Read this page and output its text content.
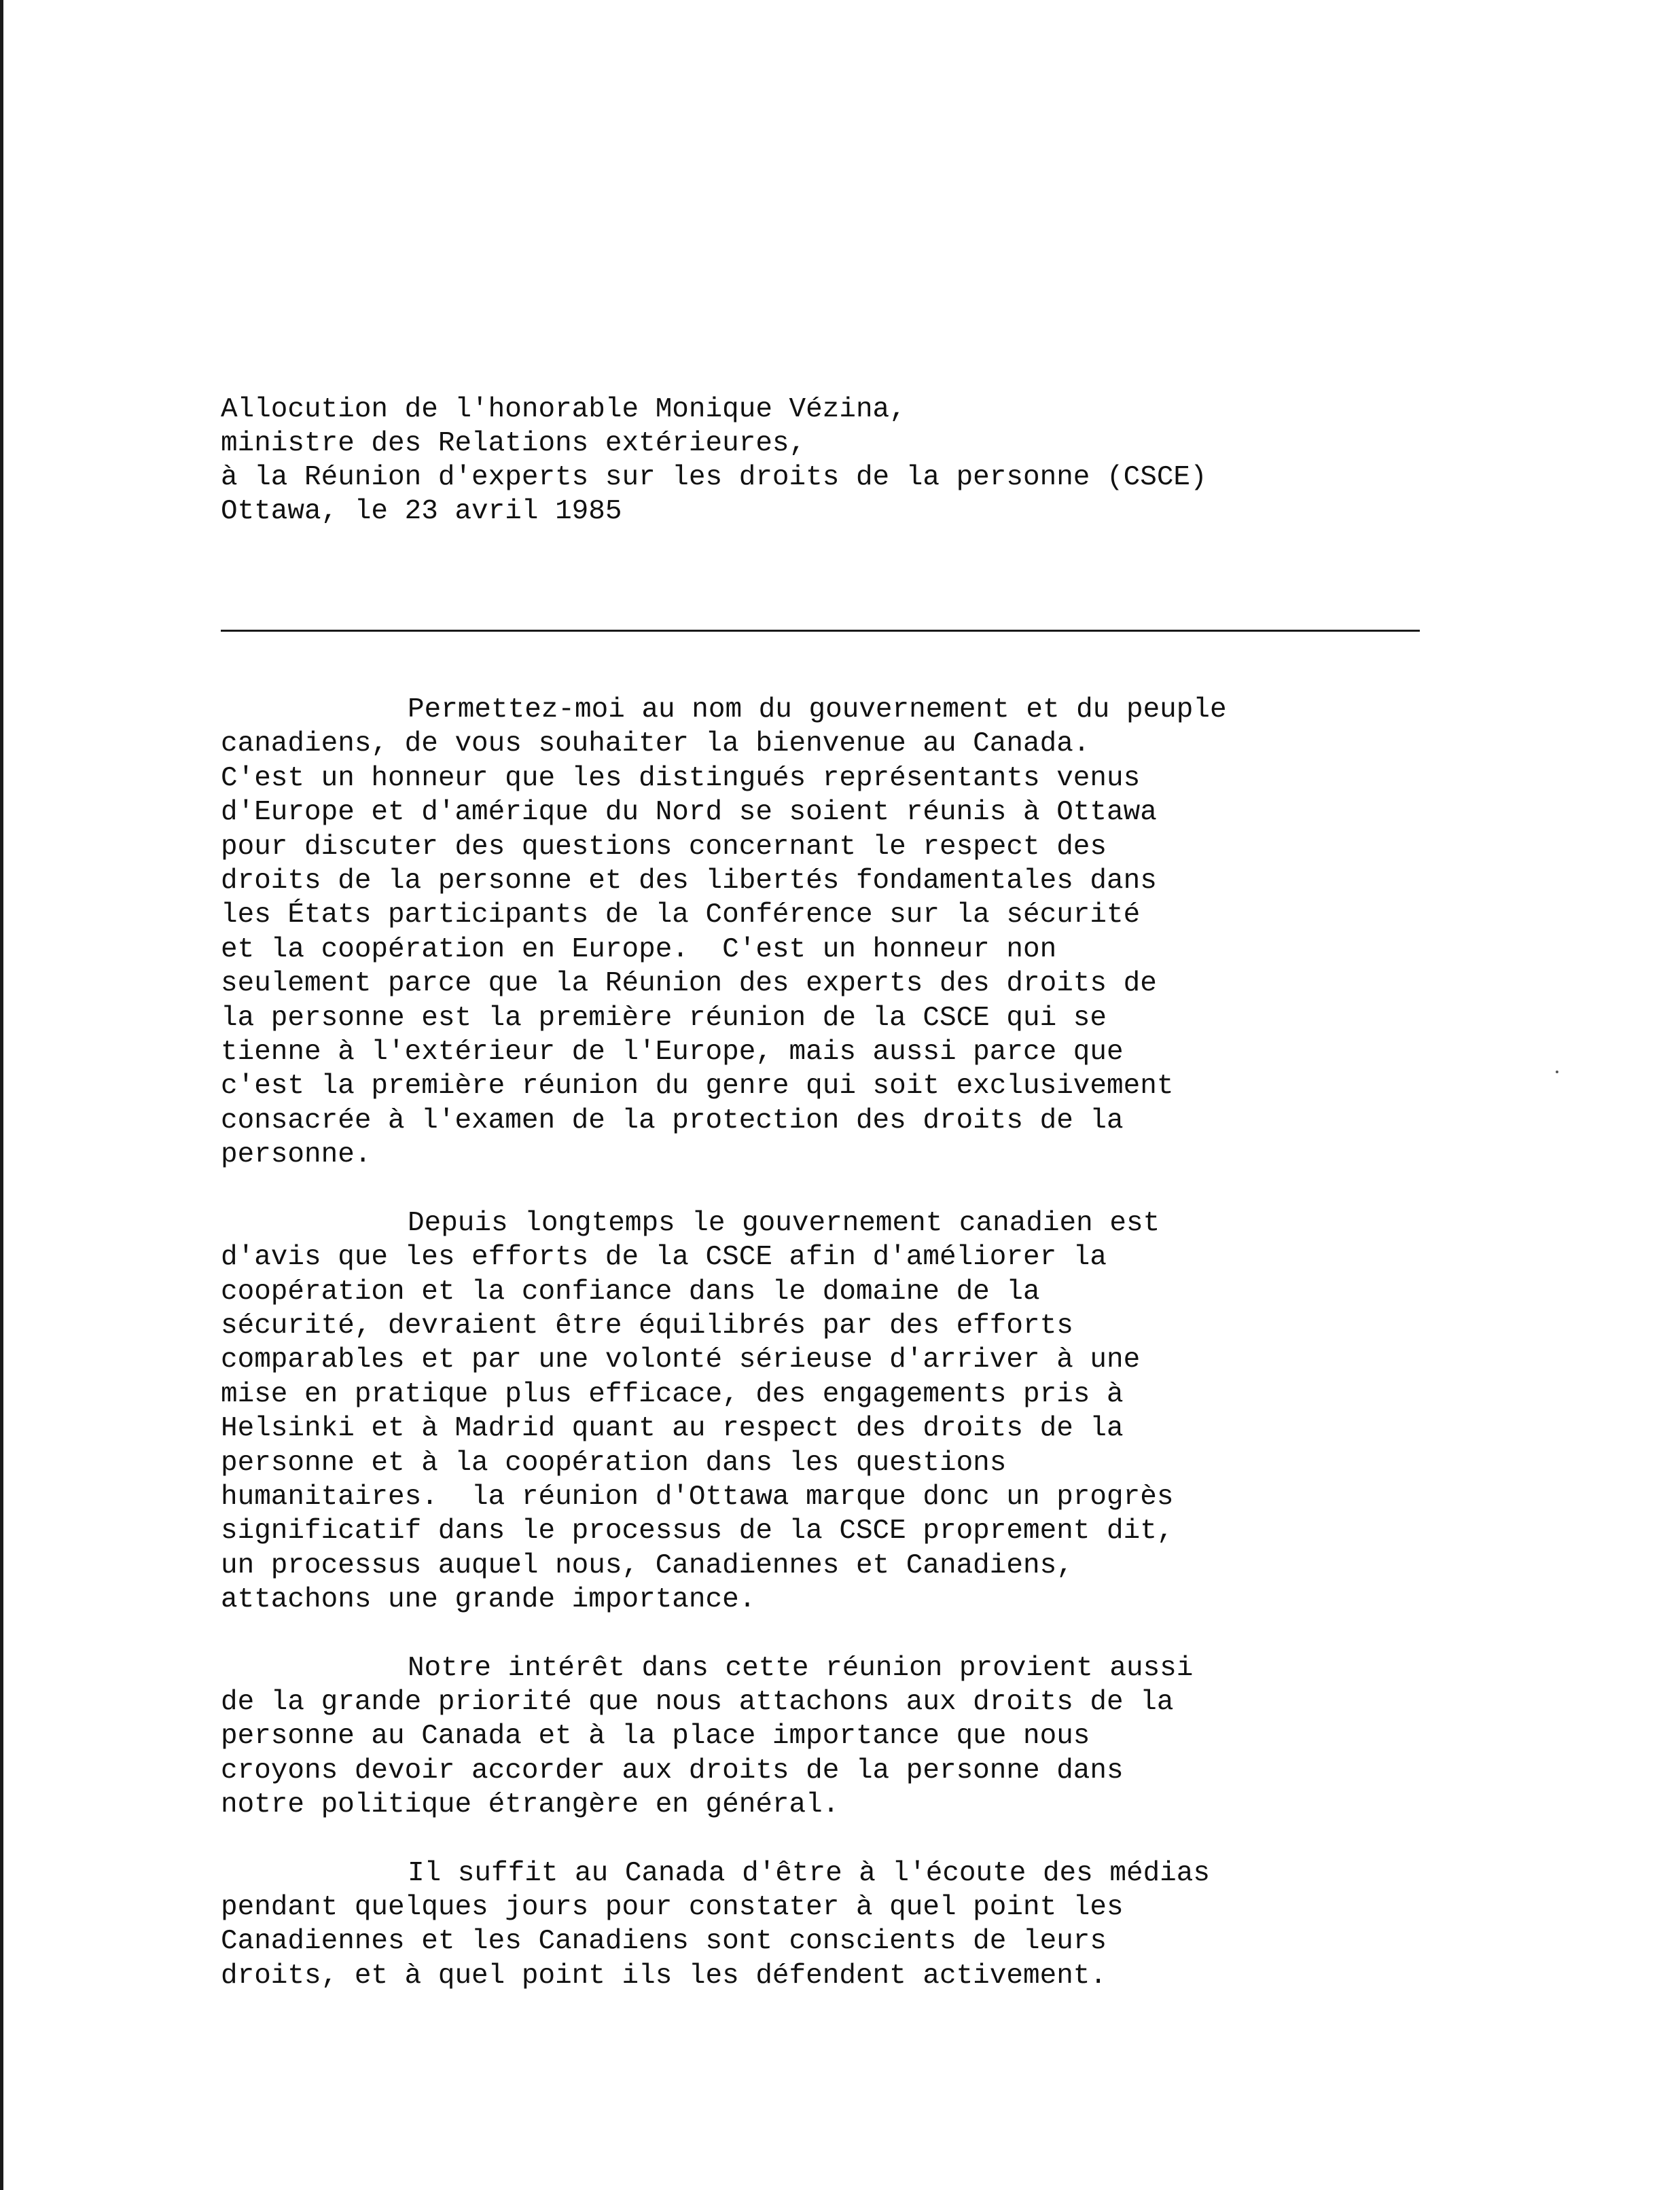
Allocution de l'honorable Monique Vézina,
ministre des Relations extérieures,
à la Réunion d'experts sur les droits de la personne (CSCE)
Ottawa, le 23 avril 1985

Permettez-moi au nom du gouvernement et du peuple
canadiens, de vous souhaiter la bienvenue au Canada.
C'est un honneur que les distingués représentants venus
d'Europe et d'amérique du Nord se soient réunis à Ottawa
pour discuter des questions concernant le respect des
droits de la personne et des libertés fondamentales dans
les États participants de la Conférence sur la sécurité
et la coopération en Europe.  C'est un honneur non
seulement parce que la Réunion des experts des droits de
la personne est la première réunion de la CSCE qui se
tienne à l'extérieur de l'Europe, mais aussi parce que
c'est la première réunion du genre qui soit exclusivement
consacrée à l'examen de la protection des droits de la
personne.

Depuis longtemps le gouvernement canadien est
d'avis que les efforts de la CSCE afin d'améliorer la
coopération et la confiance dans le domaine de la
sécurité, devraient être équilibrés par des efforts
comparables et par une volonté sérieuse d'arriver à une
mise en pratique plus efficace, des engagements pris à
Helsinki et à Madrid quant au respect des droits de la
personne et à la coopération dans les questions
humanitaires.  la réunion d'Ottawa marque donc un progrès
significatif dans le processus de la CSCE proprement dit,
un processus auquel nous, Canadiennes et Canadiens,
attachons une grande importance.

Notre intérêt dans cette réunion provient aussi
de la grande priorité que nous attachons aux droits de la
personne au Canada et à la place importance que nous
croyons devoir accorder aux droits de la personne dans
notre politique étrangère en général.

Il suffit au Canada d'être à l'écoute des médias
pendant quelques jours pour constater à quel point les
Canadiennes et les Canadiens sont conscients de leurs
droits, et à quel point ils les défendent activement.
